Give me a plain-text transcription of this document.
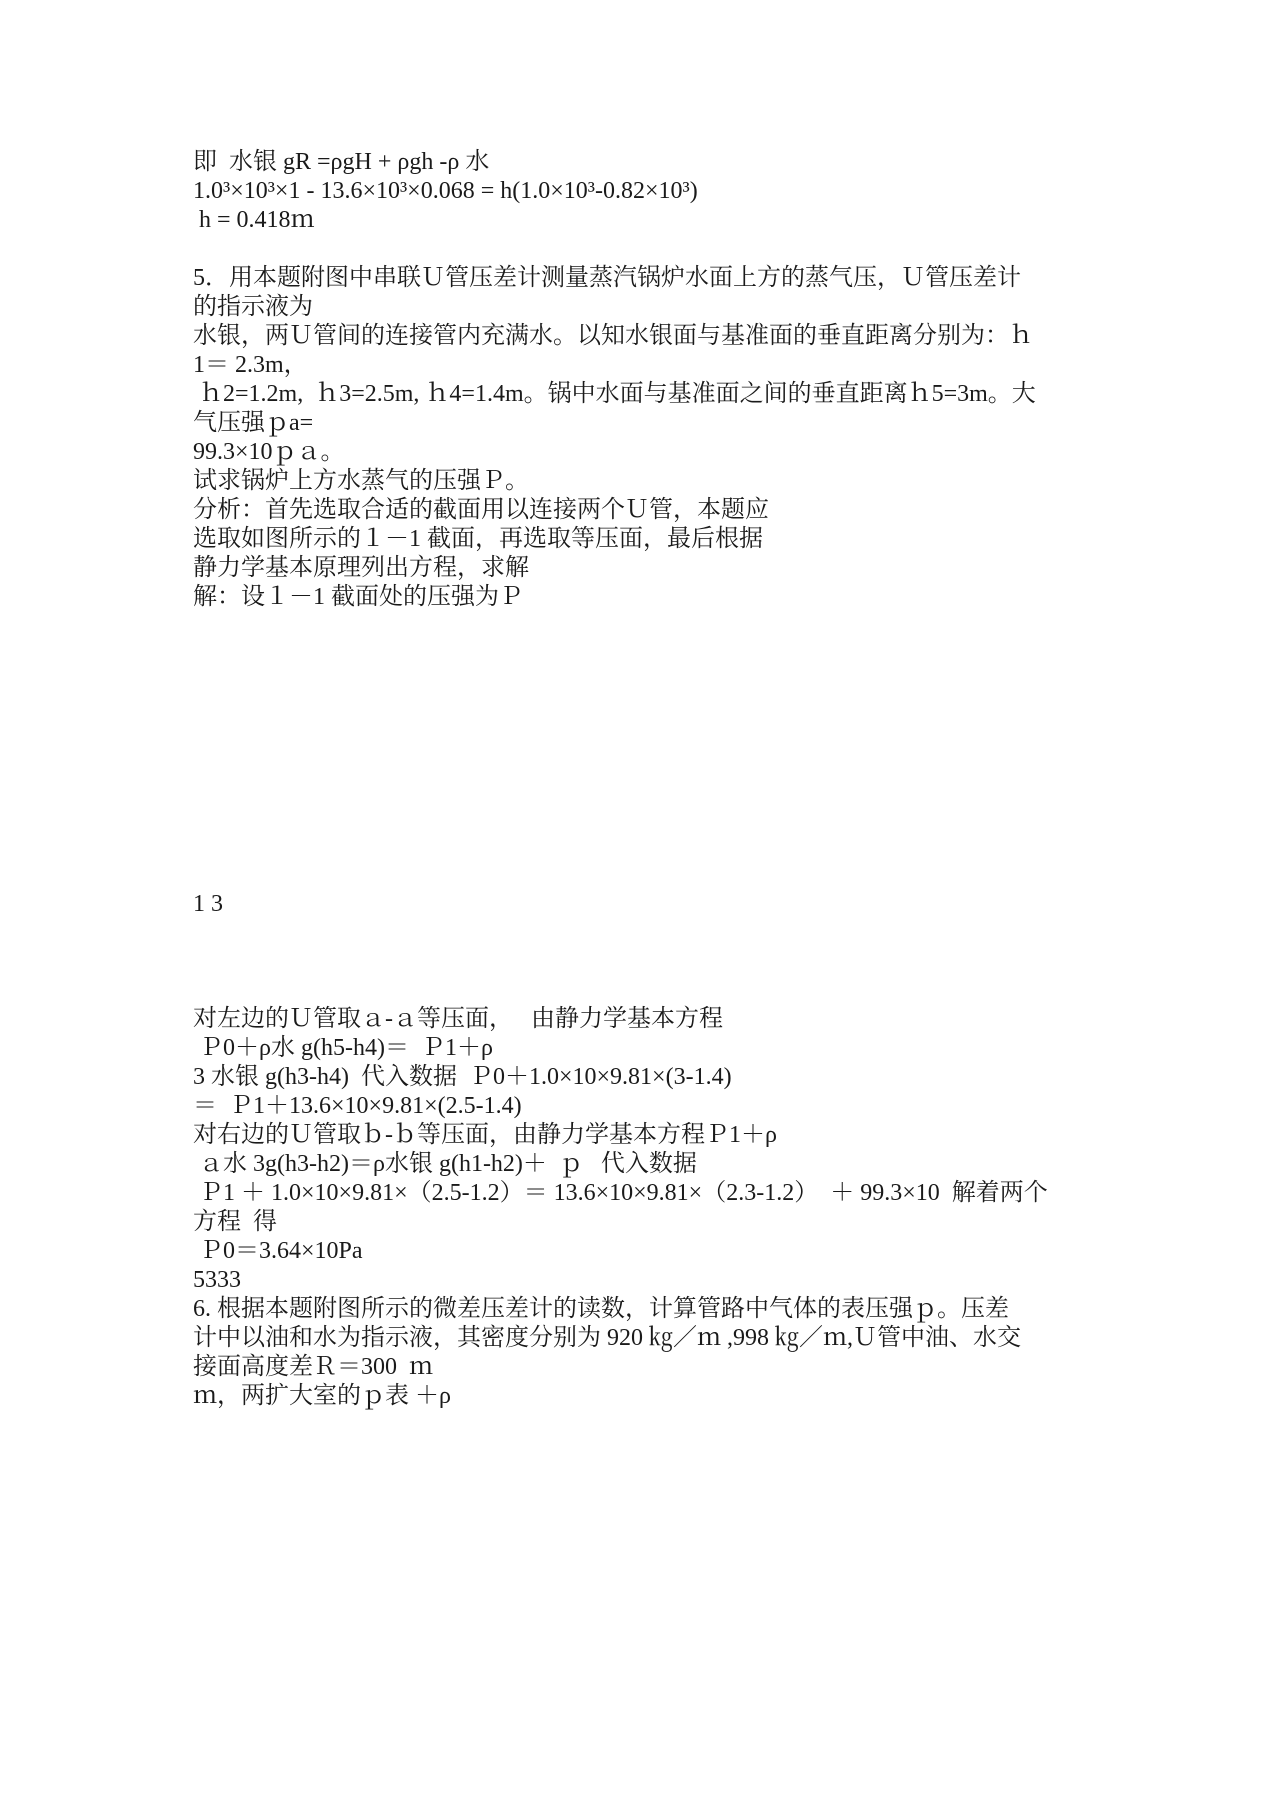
即  水银 gR =ρgH + ρgh -ρ 水
1.0³×10³×1 - 13.6×10³×0.068 = h(1.0×10³-0.82×10³)
h = 0.418ｍ
5．用本题附图中串联Ｕ管压差计测量蒸汽锅炉水面上方的蒸气压，Ｕ管压差计
的指示液为
水银，两Ｕ管间的连接管内充满水。以知水银面与基准面的垂直距离分别为：ｈ
1＝ 2.3m，
ｈ2=1.2m,  ｈ3=2.5m, ｈ4=1.4m。锅中水面与基准面之间的垂直距离ｈ5=3m。大
气压强ｐa=
99.3×10ｐａ。
试求锅炉上方水蒸气的压强Ｐ。
分析：首先选取合适的截面用以连接两个Ｕ管，本题应
选取如图所示的１－1 截面，再选取等压面，最后根据
静力学基本原理列出方程，求解
解：设１－1 截面处的压强为Ｐ
1 3
对左边的Ｕ管取ａ-ａ等压面，   由静力学基本方程
Ｐ0＋ρ水 g(h5-h4)＝  Ｐ1＋ρ
3 水银 g(h3-h4)  代入数据  Ｐ0＋1.0×10×9.81×(3-1.4)
＝  Ｐ1＋13.6×10×9.81×(2.5-1.4)
对右边的Ｕ管取ｂ-ｂ等压面，由静力学基本方程Ｐ1＋ρ
ａ水 3g(h3-h2)＝ρ水银 g(h1-h2)＋  ｐ   代入数据
Ｐ1 ＋ 1.0×10×9.81×（2.5-1.2）＝ 13.6×10×9.81×（2.3-1.2）  ＋ 99.3×10  解着两个
方程  得
Ｐ0＝3.64×10Pa
5333
6. 根据本题附图所示的微差压差计的读数，计算管路中气体的表压强ｐ。压差
计中以油和水为指示液，其密度分别为 920 ㎏／ｍ ,998 ㎏／ｍ,Ｕ管中油、水交
接面高度差Ｒ＝300  ｍ
ｍ，两扩大室的ｐ表 ＋ρ
